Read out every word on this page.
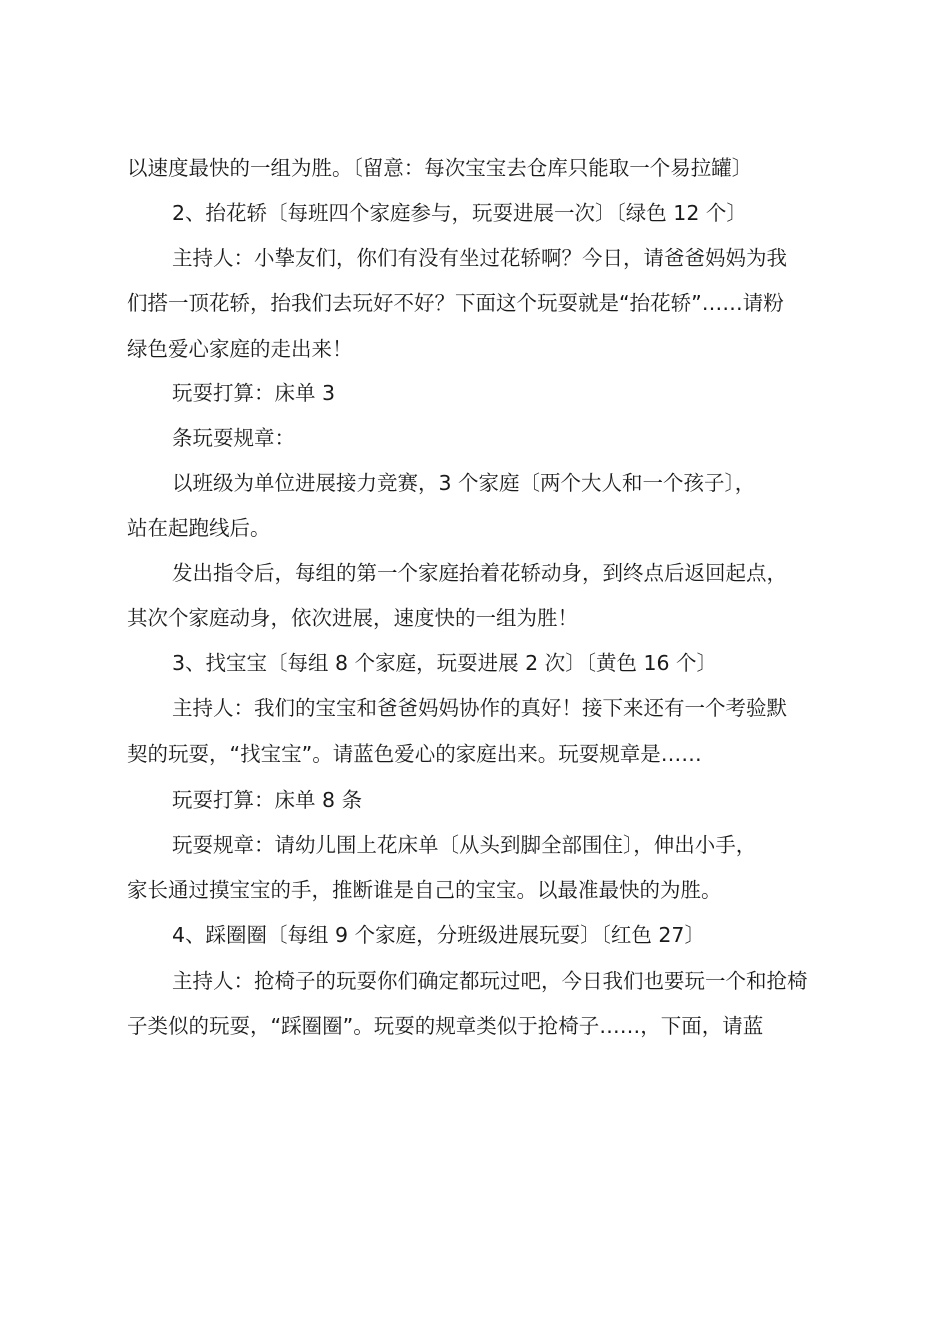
以速度最快的一组为胜。〔留意：每次宝宝去仓库只能取一个易拉罐〕
2、抬花轿〔每班四个家庭参与，玩耍进展一次〕〔绿色 12 个〕
主持人：小挚友们，你们有没有坐过花轿啊？今日，请爸爸妈妈为我
们搭一顶花轿，抬我们去玩好不好？下面这个玩耍就是“抬花轿”……请粉
绿色爱心家庭的走出来！
玩耍打算：床单 3
条玩耍规章：
以班级为单位进展接力竞赛，3 个家庭〔两个大人和一个孩子〕，
站在起跑线后。
发出指令后，每组的第一个家庭抬着花轿动身，到终点后返回起点，
其次个家庭动身，依次进展，速度快的一组为胜！
3、找宝宝〔每组 8 个家庭，玩耍进展 2 次〕〔黄色 16 个〕
主持人：我们的宝宝和爸爸妈妈协作的真好！接下来还有一个考验默
契的玩耍，“找宝宝”。请蓝色爱心的家庭出来。玩耍规章是……
玩耍打算：床单 8 条
玩耍规章：请幼儿围上花床单〔从头到脚全部围住〕，伸出小手，
家长通过摸宝宝的手，推断谁是自己的宝宝。以最准最快的为胜。
4、踩圈圈〔每组 9 个家庭，分班级进展玩耍〕〔红色 27〕
主持人：抢椅子的玩耍你们确定都玩过吧，今日我们也要玩一个和抢椅
子类似的玩耍，“踩圈圈”。玩耍的规章类似于抢椅子……，下面，请蓝
